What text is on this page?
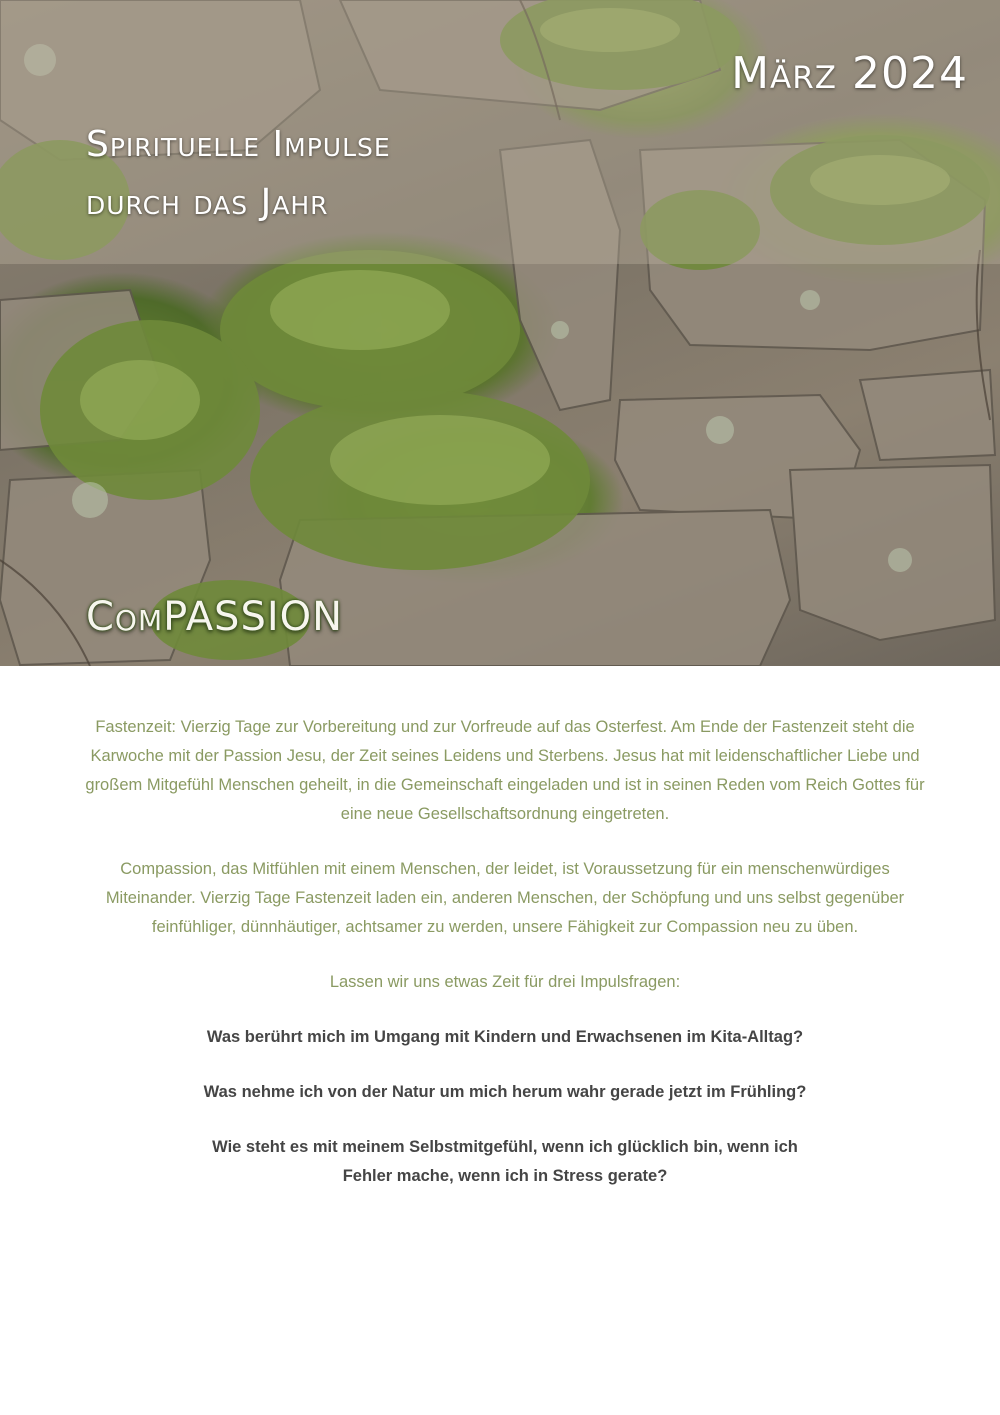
März 2024
Spirituelle Impulse
durch das Jahr
ComPASSION

Fastenzeit: Vierzig Tage zur Vorbereitung und zur Vorfreude auf das Osterfest. Am Ende der Fastenzeit steht die Karwoche mit der Passion Jesu, der Zeit seines Leidens und Sterbens. Jesus hat mit leidenschaftlicher Liebe und großem Mitgefühl Menschen geheilt, in die Gemeinschaft eingeladen und ist in seinen Reden vom Reich Gottes für eine neue Gesellschaftsordnung eingetreten.

Compassion, das Mitfühlen mit einem Menschen, der leidet, ist Voraussetzung für ein menschenwürdiges Miteinander. Vierzig Tage Fastenzeit laden ein, anderen Menschen, der Schöpfung und uns selbst gegenüber feinfühliger, dünnhäutiger, achtsamer zu werden, unsere Fähigkeit zur Compassion neu zu üben.

Lassen wir uns etwas Zeit für drei Impulsfragen:

Was berührt mich im Umgang mit Kindern und Erwachsenen im Kita-Alltag?

Was nehme ich von der Natur um mich herum wahr gerade jetzt im Frühling?

Wie steht es mit meinem Selbstmitgefühl, wenn ich glücklich bin, wenn ich Fehler mache, wenn ich in Stress gerate?
